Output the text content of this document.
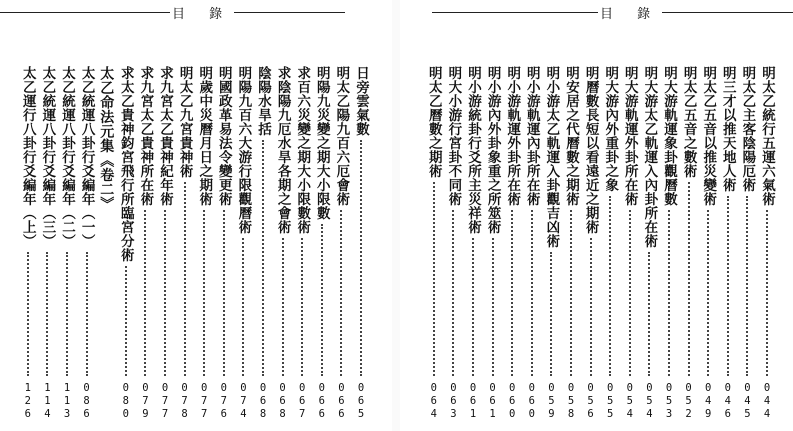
目 錄
日旁雲氣數
065
明太乙陽九百六厄會術
066
明陽九災變之期大小限數
066
求百六災變之期大小限數術
067
求陰陽九厄水旱各期之會術
068
陰陽水旱括
068
明陽九百六大游行限觀曆術
074
明國政革易法令變更術
076
明歲中災曆月日之期術
077
明太乙九宮貴神術
078
求九宮太乙貴神紀年術
077
求九宮太乙貴神所在術
079
求太乙貴神鈞宮飛行所臨宮分術
080
太乙命法元集《卷二》
太乙統運八卦行爻編年（一）
086
太乙統運八卦行爻編年（二）
113
太乙統運八卦行爻編年（三）
114
太乙運行八卦行爻編年（上）
126
目 錄
明太乙統行五運六氣術
044
明太乙主客陰陽厄術
045
明三才以推天地人術
046
明太乙五音以推災變術
049
明太乙五音之數術
052
明大游軌運象卦觀曆數
053
明大游太乙軌運入內卦所在術
054
明大游軌運外卦所在術
054
明大游內外重卦之象
055
明曆數長短以看遠近之期術
056
明安居之代曆數之期術
058
明小游太乙軌運入卦觀吉凶術
059
明小游軌運內卦所在術
060
明小游軌運外卦所在術
060
明小游內外卦象重之所筮術
061
明小游統卦行爻所主災祥術
061
明大小游行宮卦不同術
063
明太乙曆數之期術
064
